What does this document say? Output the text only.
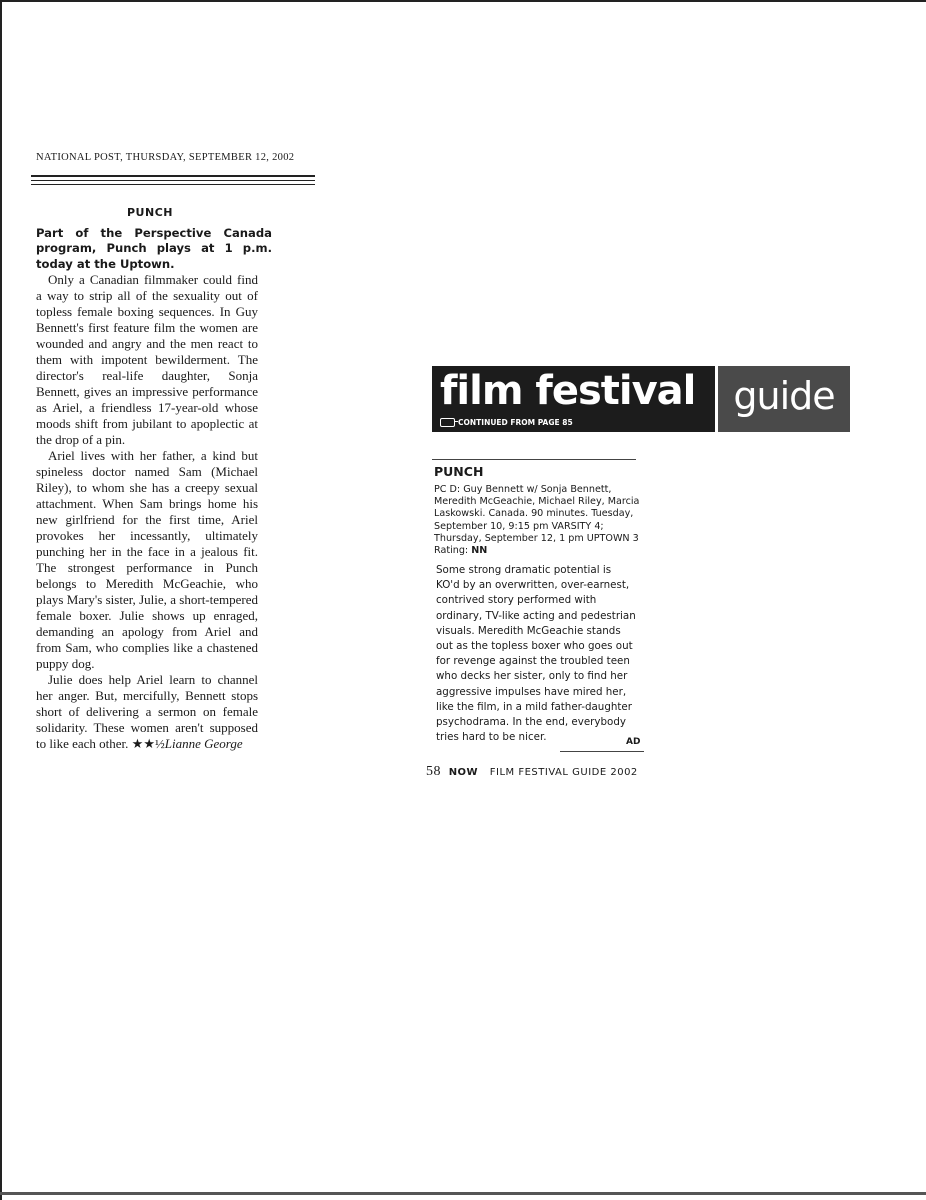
NATIONAL POST, THURSDAY, SEPTEMBER 12, 2002
PUNCH
Part of the Perspective Canada program, Punch plays at 1 p.m. today at the Uptown.

Only a Canadian filmmaker could find a way to strip all of the sexuality out of topless female boxing sequences. In Guy Bennett's first feature film the women are wounded and angry and the men react to them with impotent bewilderment. The director's real-life daughter, Sonja Bennett, gives an impressive performance as Ariel, a friendless 17-year-old whose moods shift from jubilant to apoplectic at the drop of a pin.

Ariel lives with her father, a kind but spineless doctor named Sam (Michael Riley), to whom she has a creepy sexual attachment. When Sam brings home his new girlfriend for the first time, Ariel provokes her incessantly, ultimately punching her in the face in a jealous fit. The strongest performance in Punch belongs to Meredith McGeachie, who plays Mary's sister, Julie, a short-tempered female boxer. Julie shows up enraged, demanding an apology from Ariel and from Sam, who complies like a chastened puppy dog.

Julie does help Ariel learn to channel her anger. But, mercifully, Bennett stops short of delivering a sermon on female solidarity. These women aren't supposed to like each other. ★★½Lianne George

film festival
CONTINUED FROM PAGE 85
guide
PUNCH
PC D: Guy Bennett w/ Sonja Bennett, Meredith McGeachie, Michael Riley, Marcia Laskowski. Canada. 90 minutes. Tuesday, September 10, 9:15 pm VARSITY 4; Thursday, September 12, 1 pm UPTOWN 3
Rating: NN
Some strong dramatic potential is KO'd by an overwritten, over-earnest, contrived story performed with ordinary, TV-like acting and pedestrian visuals. Meredith McGeachie stands out as the topless boxer who goes out for revenge against the troubled teen who decks her sister, only to find her aggressive impulses have mired her, like the film, in a mild father-daughter psychodrama. In the end, everybody tries hard to be nicer.	AD
58 NOW FILM FESTIVAL GUIDE 2002
